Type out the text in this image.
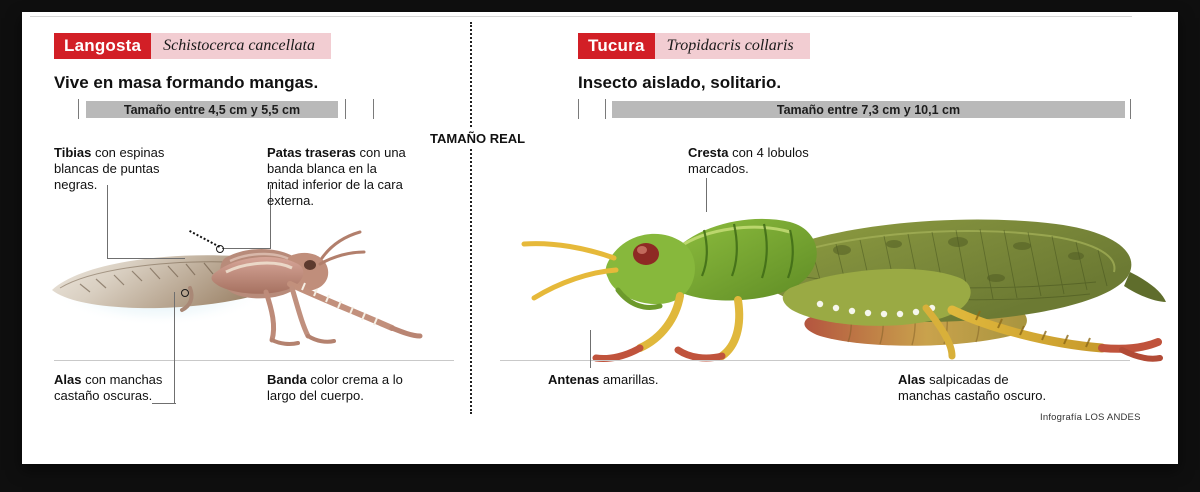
Langosta	Schistocerca cancellata
Vive en masa formando mangas.
Tamaño entre 4,5 cm y 5,5 cm
Tibias con espinas blancas de puntas negras.
Patas traseras con una banda blanca en la mitad inferior de la cara externa.
Alas con manchas castaño oscuras.
Banda color crema a lo largo del cuerpo.
TAMAÑO REAL
Tucura	Tropidacris collaris
Insecto aislado, solitario.
Tamaño entre 7,3 cm y 10,1 cm
Cresta con 4 lobulos marcados.
Antenas amarillas.	Alas salpicadas de manchas castaño oscuro.
Infografía LOS ANDES
